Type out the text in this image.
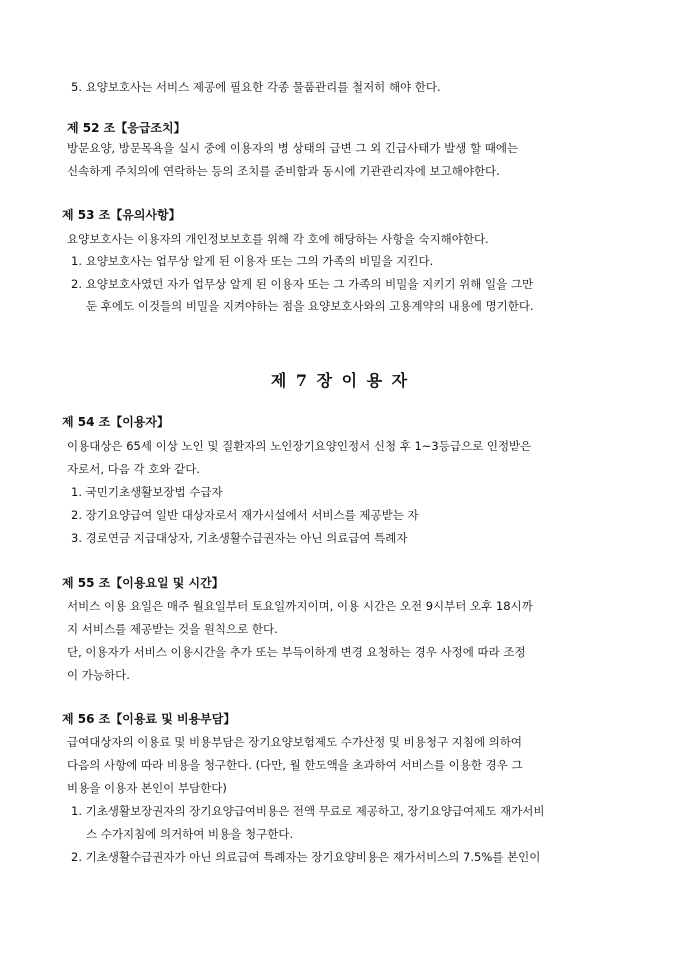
5. 요양보호사는 서비스 제공에 필요한 각종 물품관리를 철저히 해야 한다.
제 52 조【응급조치】
방문요양, 방문목욕을 실시 중에 이용자의 병 상태의 급변 그 외 긴급사태가 발생 할 때에는
신속하게 주치의에 연락하는 등의 조치를 준비함과 동시에 기관관리자에 보고해야한다.
제 53 조【유의사항】
요양보호사는 이용자의 개인정보보호를 위해 각 호에 해당하는 사항을 숙지해야한다.
1. 요양보호사는 업무상 알게 된 이용자 또는 그의 가족의 비밀을 지킨다.
2. 요양보호사였던 자가 업무상 알게 된 이용자 또는 그 가족의 비밀을 지키기 위해 일을 그만
둔 후에도 이것들의 비밀을 지켜야하는 점을 요양보호사와의 고용계약의 내용에 명기한다.
제 7 장 이 용 자
제 54 조【이용자】
이용대상은 65세 이상 노인 및 질환자의 노인장기요양인정서 신청 후 1~3등급으로 인정받은
자로서, 다음 각 호와 같다.
1. 국민기초생활보장법 수급자
2. 장기요양급여 일반 대상자로서 재가시설에서 서비스를 제공받는 자
3. 경로연금 지급대상자, 기초생활수급권자는 아닌 의료급여 특례자
제 55 조【이용요일 및 시간】
서비스 이용 요일은 매주 월요일부터 토요일까지이며, 이용 시간은 오전 9시부터 오후 18시까
지 서비스를 제공받는 것을 원칙으로 한다.
단, 이용자가 서비스 이용시간을 추가 또는 부득이하게 변경 요청하는 경우 사정에 따라 조정
이 가능하다.
제 56 조【이용료 및 비용부담】
급여대상자의 이용료 및 비용부담은 장기요양보험제도 수가산정 및 비용청구 지침에 의하여
다음의 사항에 따라 비용을 청구한다. (다만, 월 한도액을 초과하여 서비스를 이용한 경우 그
비용을 이용자 본인이 부담한다)
1. 기초생활보장권자의 장기요양급여비용은 전액 무료로 제공하고, 장기요양급여제도 재가서비
스 수가지침에 의거하여 비용을 청구한다.
2. 기초생활수급권자가 아닌 의료급여 특례자는 장기요양비용은 재가서비스의 7.5%를 본인이
